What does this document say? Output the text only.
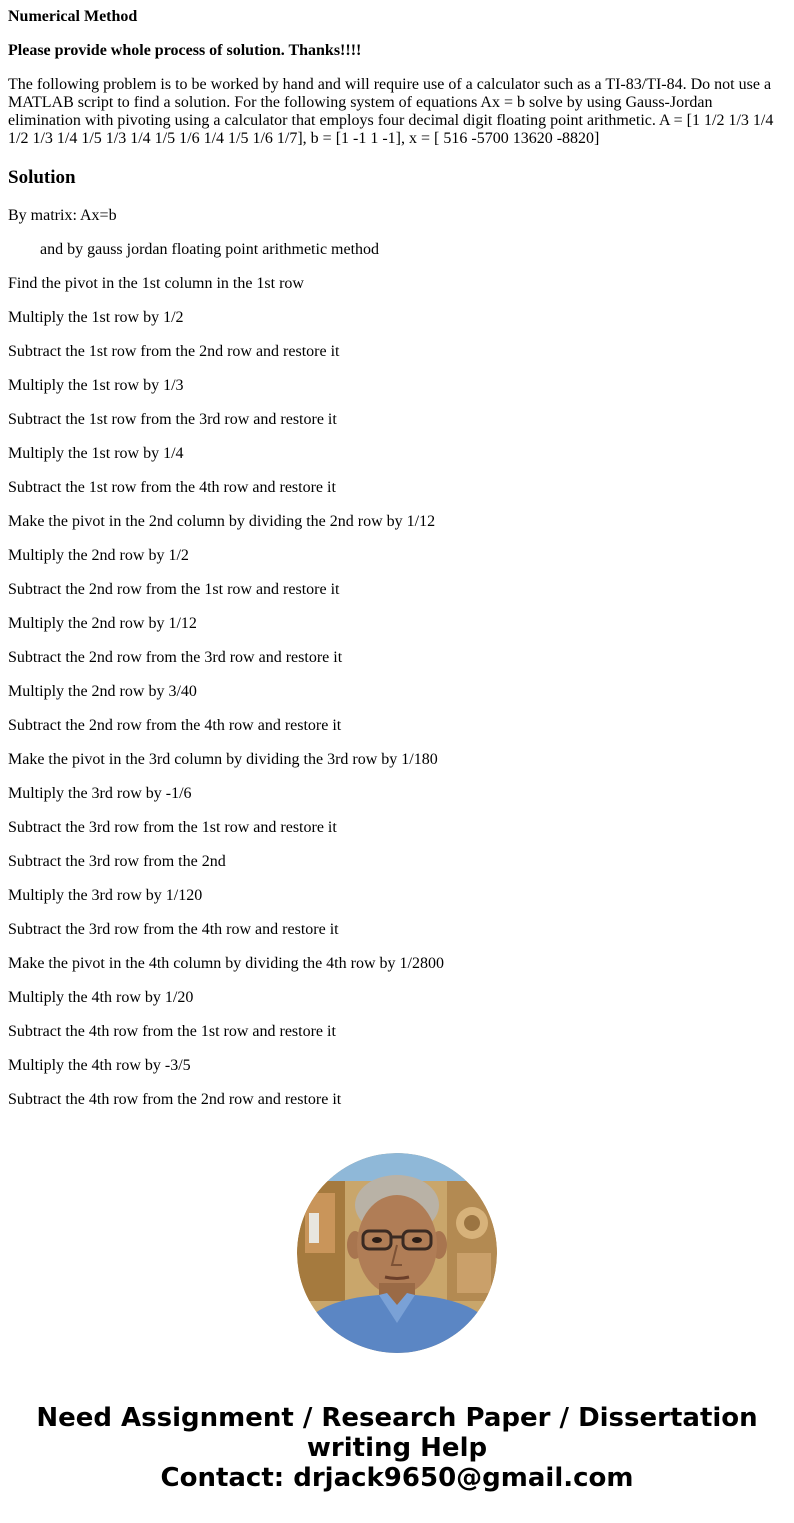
Numerical Method
Please provide whole process of solution. Thanks!!!!
The following problem is to be worked by hand and will require use of a calculator such as a TI-83/TI-84. Do not use a MATLAB script to find a solution. For the following system of equations Ax = b solve by using Gauss-Jordan elimination with pivoting using a calculator that employs four decimal digit floating point arithmetic. A = [1 1/2 1/3 1/4 1/2 1/3 1/4 1/5 1/3 1/4 1/5 1/6 1/4 1/5 1/6 1/7], b = [1 -1 1 -1], x = [ 516 -5700 13620 -8820]
Solution
By matrix: Ax=b
and by gauss jordan floating point arithmetic method
Find the pivot in the 1st column in the 1st row
Multiply the 1st row by 1/2
Subtract the 1st row from the 2nd row and restore it
Multiply the 1st row by 1/3
Subtract the 1st row from the 3rd row and restore it
Multiply the 1st row by 1/4
Subtract the 1st row from the 4th row and restore it
Make the pivot in the 2nd column by dividing the 2nd row by 1/12
Multiply the 2nd row by 1/2
Subtract the 2nd row from the 1st row and restore it
Multiply the 2nd row by 1/12
Subtract the 2nd row from the 3rd row and restore it
Multiply the 2nd row by 3/40
Subtract the 2nd row from the 4th row and restore it
Make the pivot in the 3rd column by dividing the 3rd row by 1/180
Multiply the 3rd row by -1/6
Subtract the 3rd row from the 1st row and restore it
Subtract the 3rd row from the 2nd
Multiply the 3rd row by 1/120
Subtract the 3rd row from the 4th row and restore it
Make the pivot in the 4th column by dividing the 4th row by 1/2800
Multiply the 4th row by 1/20
Subtract the 4th row from the 1st row and restore it
Multiply the 4th row by -3/5
Subtract the 4th row from the 2nd row and restore it
Need Assignment / Research Paper / Dissertation
writing Help
Contact: drjack9650@gmail.com
